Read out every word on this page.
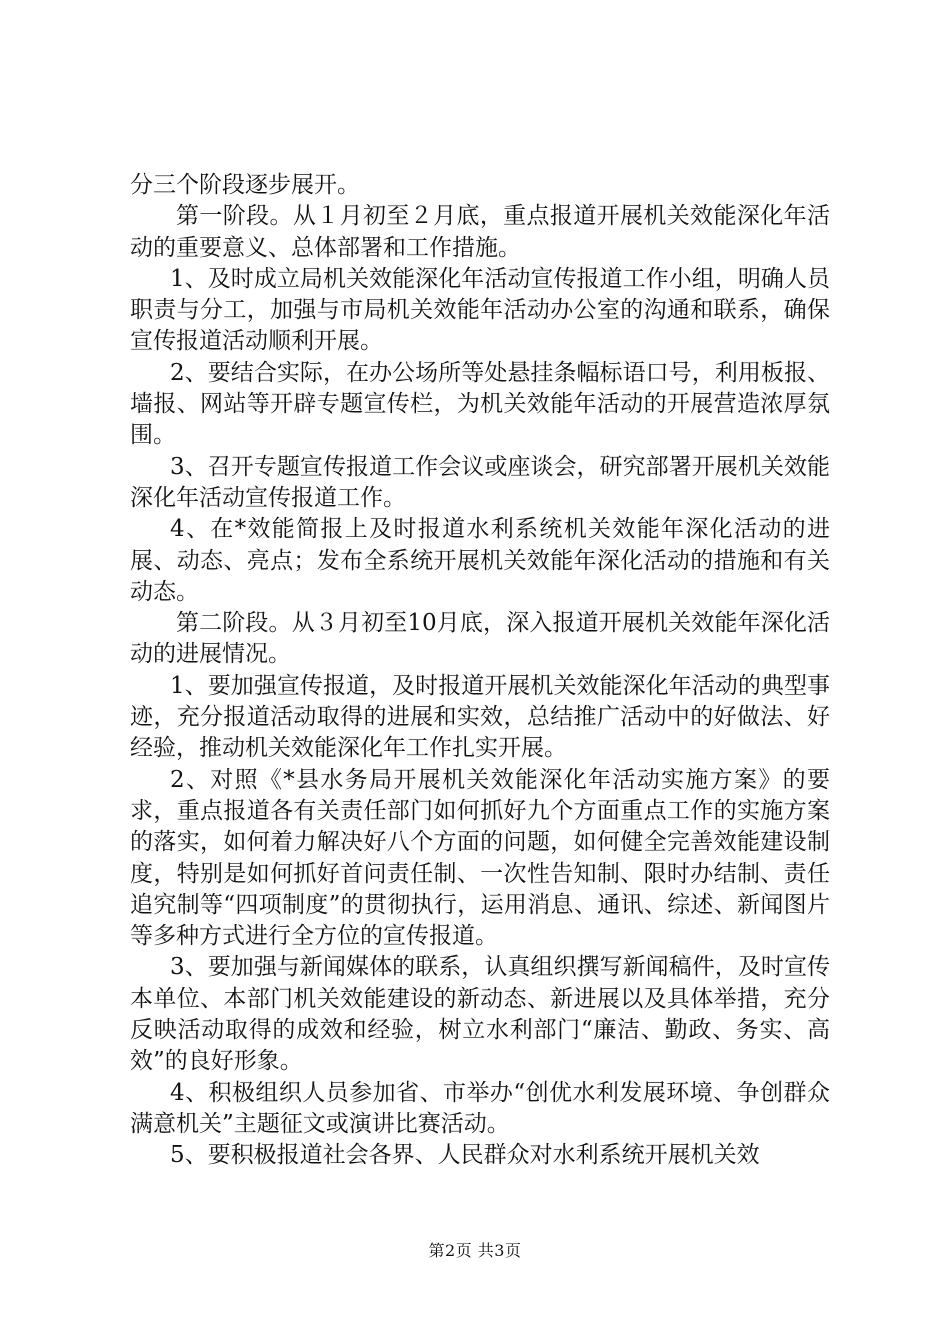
分三个阶段逐步展开。

第一阶段。从１月初至２月底，重点报道开展机关效能深化年活动的重要意义、总体部署和工作措施。

1、及时成立局机关效能深化年活动宣传报道工作小组，明确人员职责与分工，加强与市局机关效能年活动办公室的沟通和联系，确保宣传报道活动顺利开展。

2、要结合实际，在办公场所等处悬挂条幅标语口号，利用板报、墙报、网站等开辟专题宣传栏，为机关效能年活动的开展营造浓厚氛围。

3、召开专题宣传报道工作会议或座谈会，研究部署开展机关效能深化年活动宣传报道工作。

4、在*效能简报上及时报道水利系统机关效能年深化活动的进展、动态、亮点；发布全系统开展机关效能年深化活动的措施和有关动态。

第二阶段。从３月初至10月底，深入报道开展机关效能年深化活动的进展情况。

1、要加强宣传报道，及时报道开展机关效能深化年活动的典型事迹，充分报道活动取得的进展和实效，总结推广活动中的好做法、好经验，推动机关效能深化年工作扎实开展。

2、对照《*县水务局开展机关效能深化年活动实施方案》的要求，重点报道各有关责任部门如何抓好九个方面重点工作的实施方案的落实，如何着力解决好八个方面的问题，如何健全完善效能建设制度，特别是如何抓好首问责任制、一次性告知制、限时办结制、责任追究制等“四项制度”的贯彻执行，运用消息、通讯、综述、新闻图片等多种方式进行全方位的宣传报道。

3、要加强与新闻媒体的联系，认真组织撰写新闻稿件，及时宣传本单位、本部门机关效能建设的新动态、新进展以及具体举措，充分反映活动取得的成效和经验，树立水利部门“廉洁、勤政、务实、高效”的良好形象。

4、积极组织人员参加省、市举办“创优水利发展环境、争创群众满意机关”主题征文或演讲比赛活动。

5、要积极报道社会各界、人民群众对水利系统开展机关效

第2页 共3页
